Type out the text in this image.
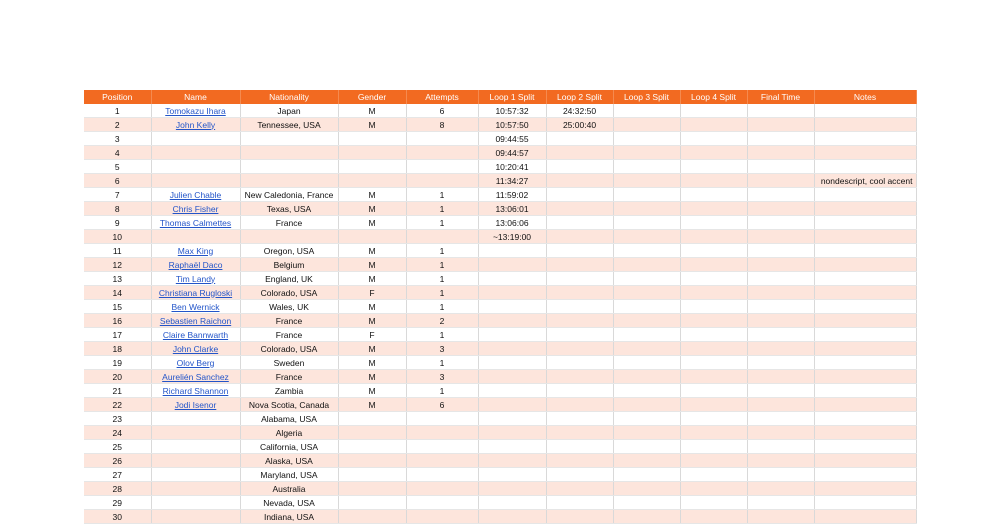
Position	Name	Nationality	Gender	Attempts	Loop 1 Split	Loop 2 Split	Loop 3 Split	Loop 4 Split	Final Time	Notes
1	Tomokazu Ihara	Japan	M	6	10:57:32	24:32:50				
2	John Kelly	Tennessee, USA	M	8	10:57:50	25:00:40				
3					09:44:55					
4					09:44:57					
5					10:20:41					
6					11:34:27					nondescript, cool accent
7	Julien Chable	New Caledonia, France	M	1	11:59:02					
8	Chris Fisher	Texas, USA	M	1	13:06:01					
9	Thomas Calmettes	France	M	1	13:06:06					
10					~13:19:00					
11	Max King	Oregon, USA	M	1						
12	Raphaël Daco	Belgium	M	1						
13	Tim Landy	England, UK	M	1						
14	Christiana Rugloski	Colorado, USA	F	1						
15	Ben Wernick	Wales, UK	M	1						
16	Sebastien Raichon	France	M	2						
17	Claire Bannwarth	France	F	1						
18	John Clarke	Colorado, USA	M	3						
19	Olov Berg	Sweden	M	1						
20	Aurelién Sanchez	France	M	3						
21	Richard Shannon	Zambia	M	1						
22	Jodi Isenor	Nova Scotia, Canada	M	6						
23		Alabama, USA								
24		Algeria								
25		California, USA								
26		Alaska, USA								
27		Maryland, USA								
28		Australia								
29		Nevada, USA								
30		Indiana, USA								
